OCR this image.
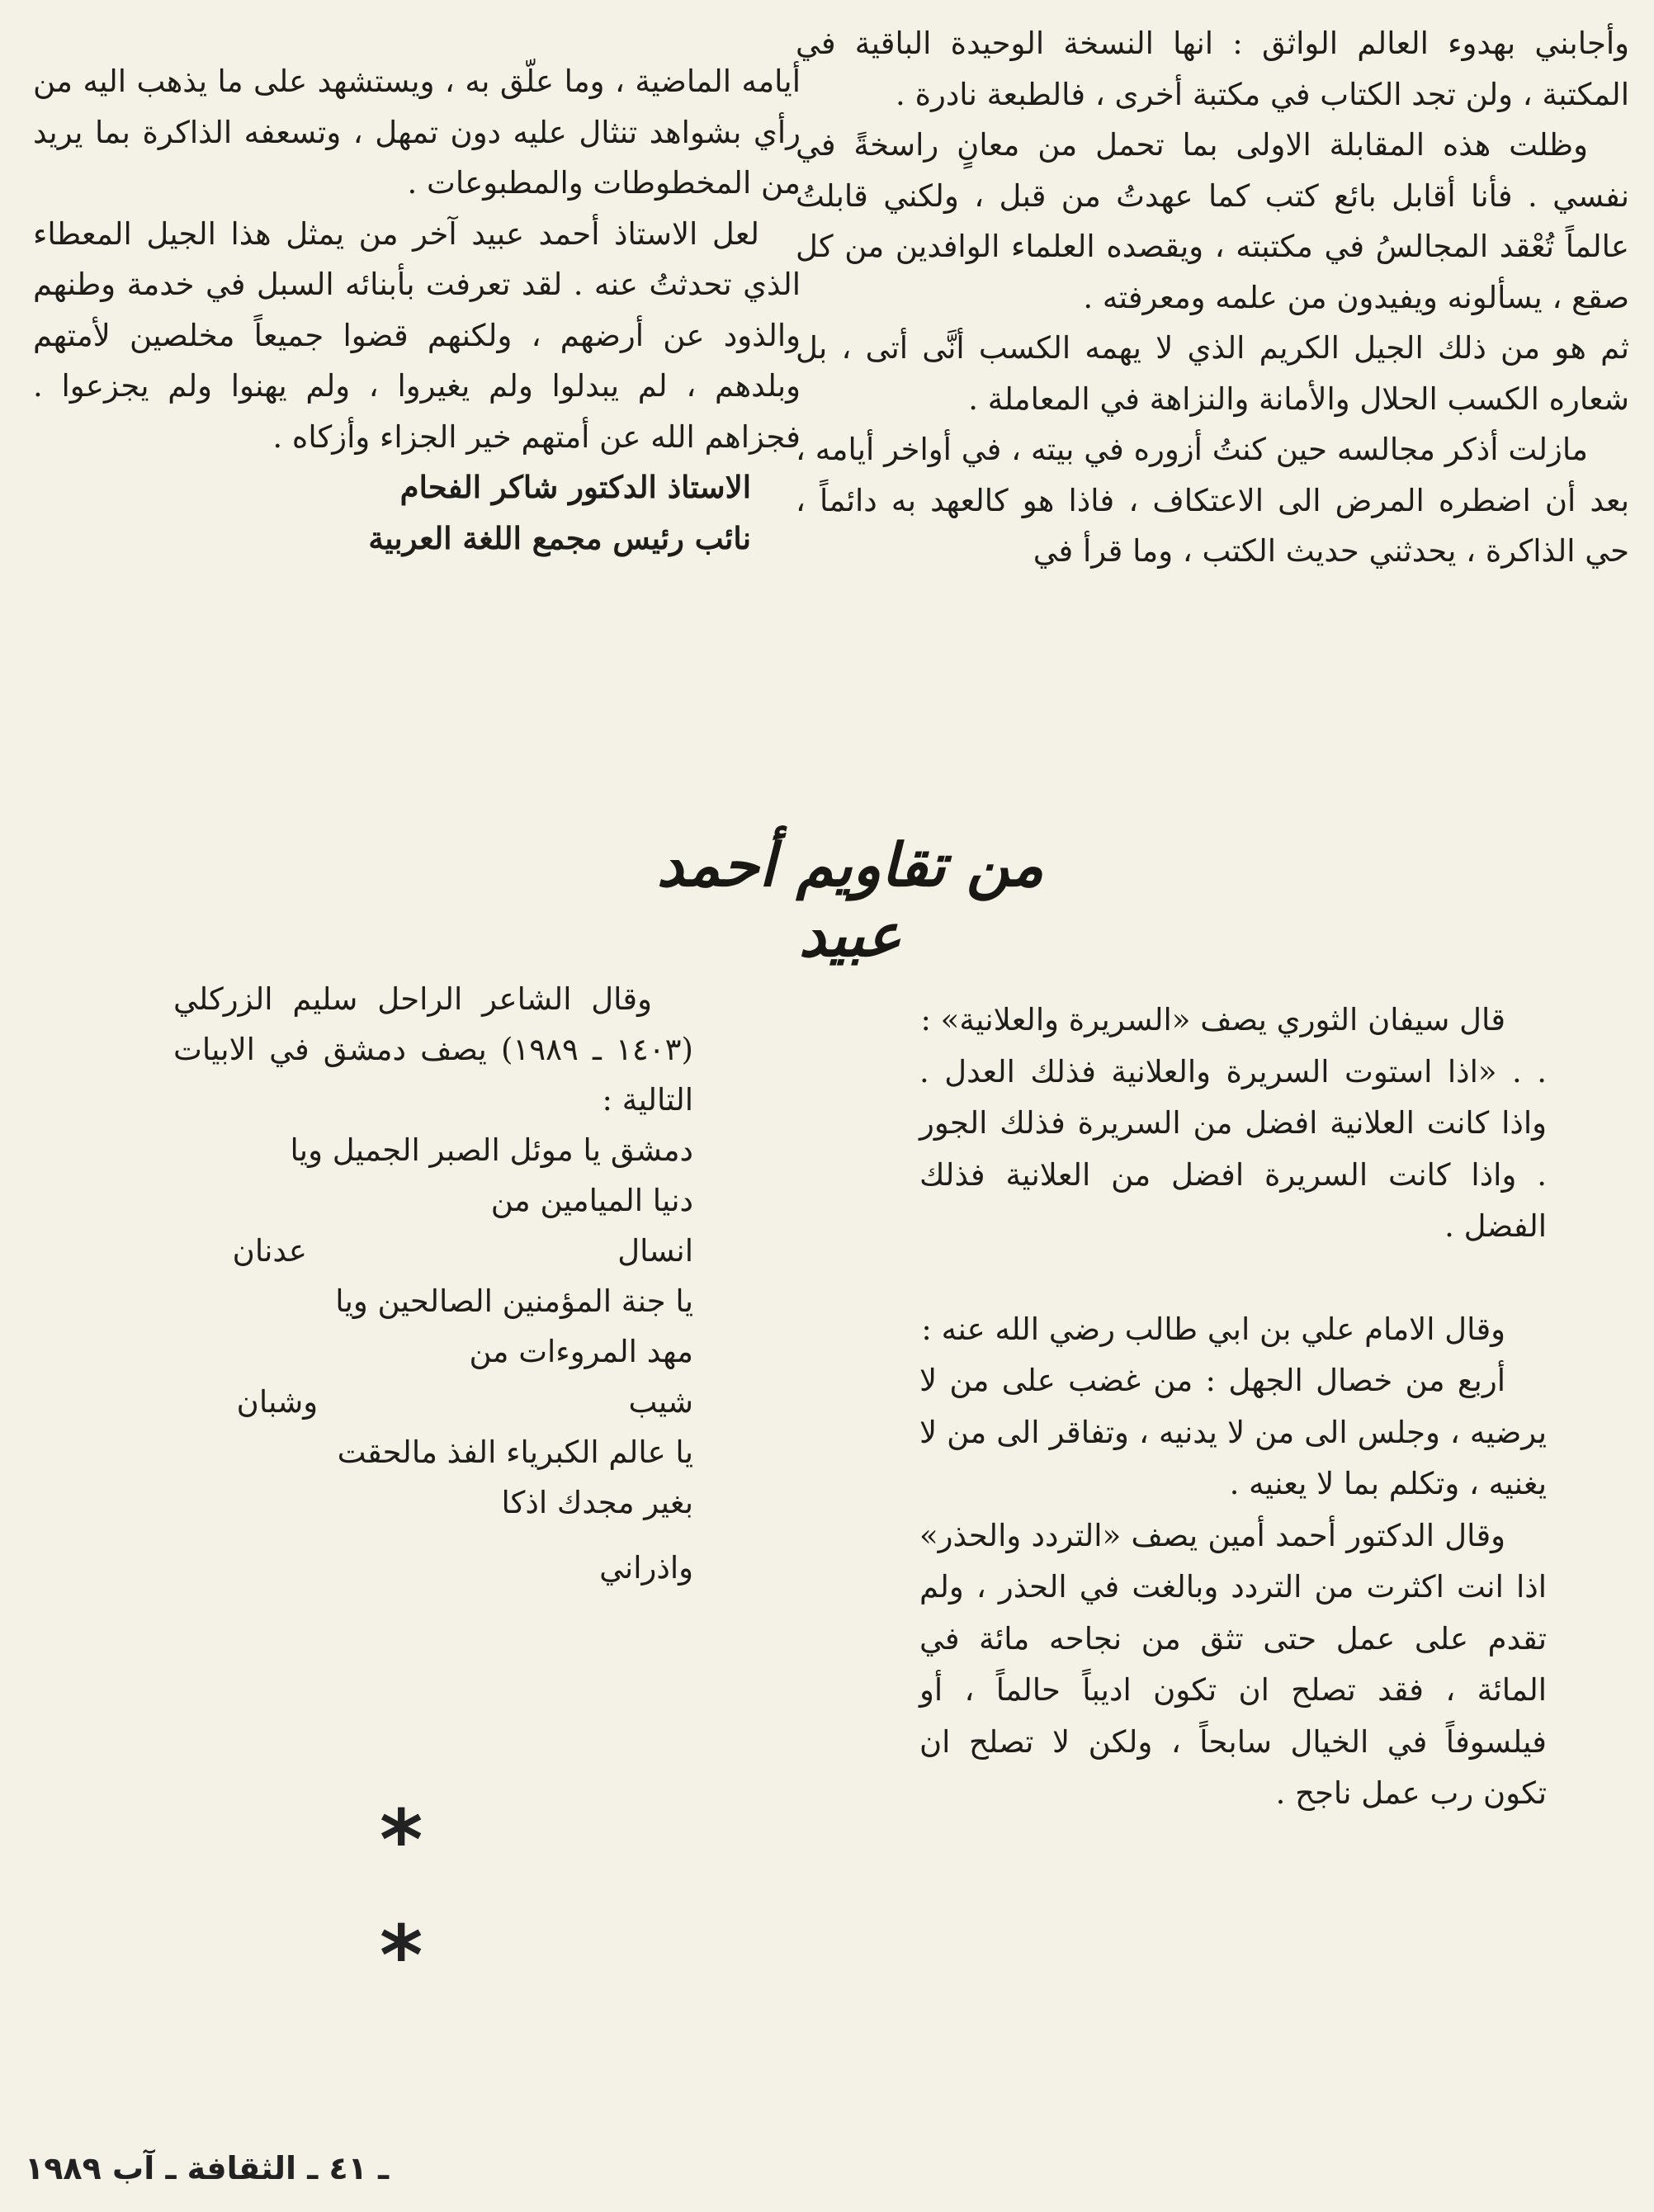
وأجابني بهدوء العالم الواثق : انها النسخة الوحيدة الباقية في المكتبة ، ولن تجد الكتاب في مكتبة أخرى ، فالطبعة نادرة .

وظلت هذه المقابلة الاولى بما تحمل من معانٍ راسخةً في نفسي . فأنا أقابل بائع كتب كما عهدتُ من قبل ، ولكني قابلتُ عالماً تُعْقد المجالسُ في مكتبته ، ويقصده العلماء الوافدين من كل صقع ، يسألونه ويفيدون من علمه ومعرفته .

ثم هو من ذلك الجيل الكريم الذي لا يهمه الكسب أنَّى أتى ، بل شعاره الكسب الحلال والأمانة والنزاهة في المعاملة .

مازلت أذكر مجالسه حين كنتُ أزوره في بيته ، في أواخر أيامه ، بعد أن اضطره المرض الى الاعتكاف ، فاذا هو كالعهد به دائماً ، حي الذاكرة ، يحدثني حديث الكتب ، وما قرأ في

أيامه الماضية ، وما علّق به ، ويستشهد على ما يذهب اليه من رأي بشواهد تنثال عليه دون تمهل ، وتسعفه الذاكرة بما يريد من المخطوطات والمطبوعات .

لعل الاستاذ أحمد عبيد آخر من يمثل هذا الجيل المعطاء الذي تحدثتُ عنه . لقد تعرفت بأبنائه السبل في خدمة وطنهم والذود عن أرضهم ، ولكنهم قضوا جميعاً مخلصين لأمتهم وبلدهم ، لم يبدلوا ولم يغيروا ، ولم يهنوا ولم يجزعوا . فجزاهم الله عن أمتهم خير الجزاء وأزكاه .

الاستاذ الدكتور شاكر الفحام

نائب رئيس مجمع اللغة العربية

من تقاويم أحمد عبيد

قال سيفان الثوري يصف «السريرة والعلانية» :

. . «اذا استوت السريرة والعلانية فذلك العدل . واذا كانت العلانية افضل من السريرة فذلك الجور . واذا كانت السريرة افضل من العلانية فذلك الفضل .

وقال الامام علي بن ابي طالب رضي الله عنه :

أربع من خصال الجهل : من غضب على من لا يرضيه ، وجلس الى من لا يدنيه ، وتفاقر الى من لا يغنيه ، وتكلم بما لا يعنيه .

وقال الدكتور أحمد أمين يصف «التردد والحذر» اذا انت اكثرت من التردد وبالغت في الحذر ، ولم تقدم على عمل حتى تثق من نجاحه مائة في المائة ، فقد تصلح ان تكون اديباً حالماً ، أو فيلسوفاً في الخيال سابحاً ، ولكن لا تصلح ان تكون رب عمل ناجح .

وقال الشاعر الراحل سليم الزركلي (١٤٠٣ ـ ١٩٨٩) يصف دمشق في الابيات التالية :

دمشق يا موئل الصبر الجميل ويا

دنيا الميامين من

انسال                                عدنان

يا جنة المؤمنين الصالحين ويا

مهد المروءات من

شيب                                وشبان

يا عالم الكبرياء الفذ مالحقت

بغير مجدك اذكا

واذراني

*
*
ـ ٤١ ـ الثقافة ـ آب ١٩٨٩
